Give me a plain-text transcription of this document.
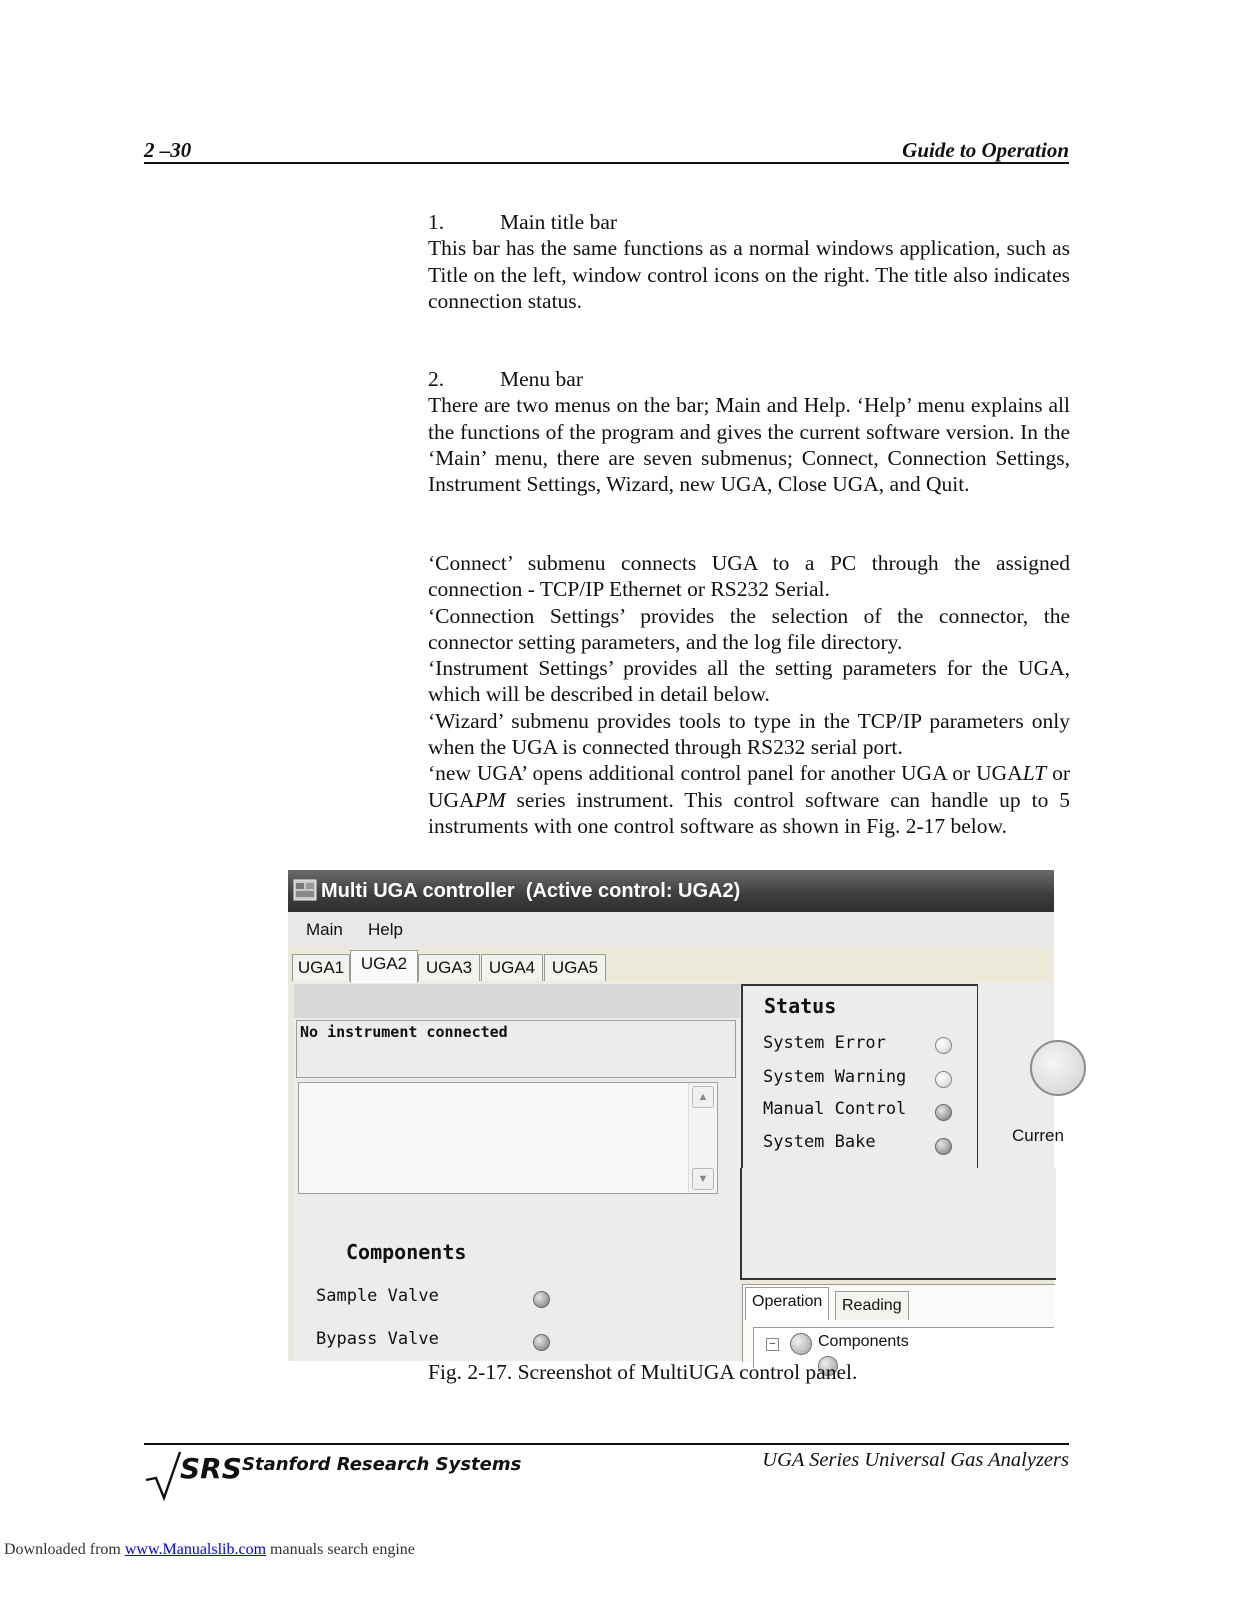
2 –30	Guide to Operation
1.	Main title bar

This bar has the same functions as a normal windows application, such as Title on the left, window control icons on the right. The title also indicates connection status.

2.	Menu bar

There are two menus on the bar; Main and Help. ‘Help’ menu explains all the functions of the program and gives the current software version. In the ‘Main’ menu, there are seven submenus; Connect, Connection Settings, Instrument Settings, Wizard, new UGA, Close UGA, and Quit.

‘Connect’ submenu connects UGA to a PC through the assigned connection - TCP/IP Ethernet or RS232 Serial.

‘Connection Settings’ provides the selection of the connector, the connector setting parameters, and the log file directory.

‘Instrument Settings’ provides all the setting parameters for the UGA, which will be described in detail below.

‘Wizard’ submenu provides tools to type in the TCP/IP parameters only when the UGA is connected through RS232 serial port.

‘new UGA’ opens additional control panel for another UGA or UGALT or UGAPM series instrument. This control software can handle up to 5 instruments with one control software as shown in Fig. 2-17 below.

Multi UGA controller  (Active control: UGA2)
Main Help
UGA1 UGA2	UGA3 UGA4 UGA5
No instrument connected
▲
▼
Components
Sample Valve
Bypass Valve
Status
System Error
System Warning
Manual Control
System Bake	Curren
Operation	Reading
−	Components
Fig. 2-17. Screenshot of MultiUGA control panel.
SRS Stanford Research Systems	UGA Series Universal Gas Analyzers
Downloaded from www.Manualslib.com manuals search engine
